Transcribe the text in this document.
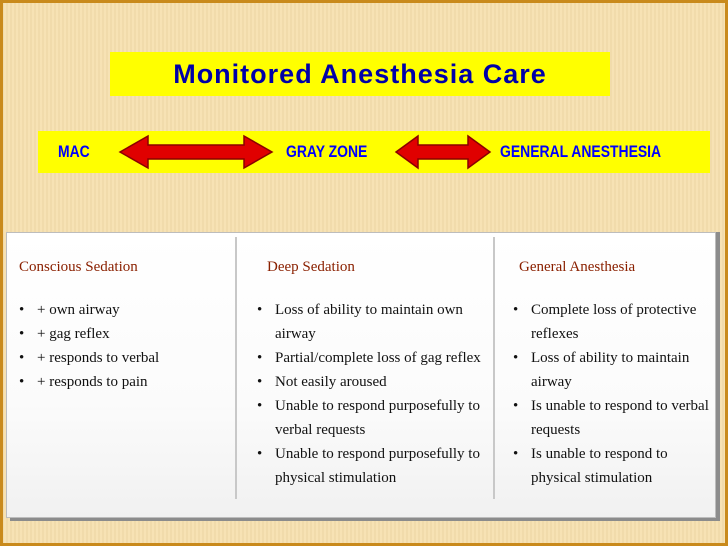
Monitored Anesthesia Care
MAC	GRAY ZONE	GENERAL ANESTHESIA
Conscious Sedation
• + own airway
• + gag reflex
• + responds to verbal
• + responds to pain
Deep Sedation
• Loss of ability to maintain own airway
• Partial/complete loss of gag reflex
• Not easily aroused
• Unable to respond purposefully to verbal requests
• Unable to respond purposefully to physical stimulation
General Anesthesia
• Complete loss of protective reflexes
• Loss of ability to maintain airway
• Is unable to respond to verbal requests
• Is unable to respond to physical stimulation
